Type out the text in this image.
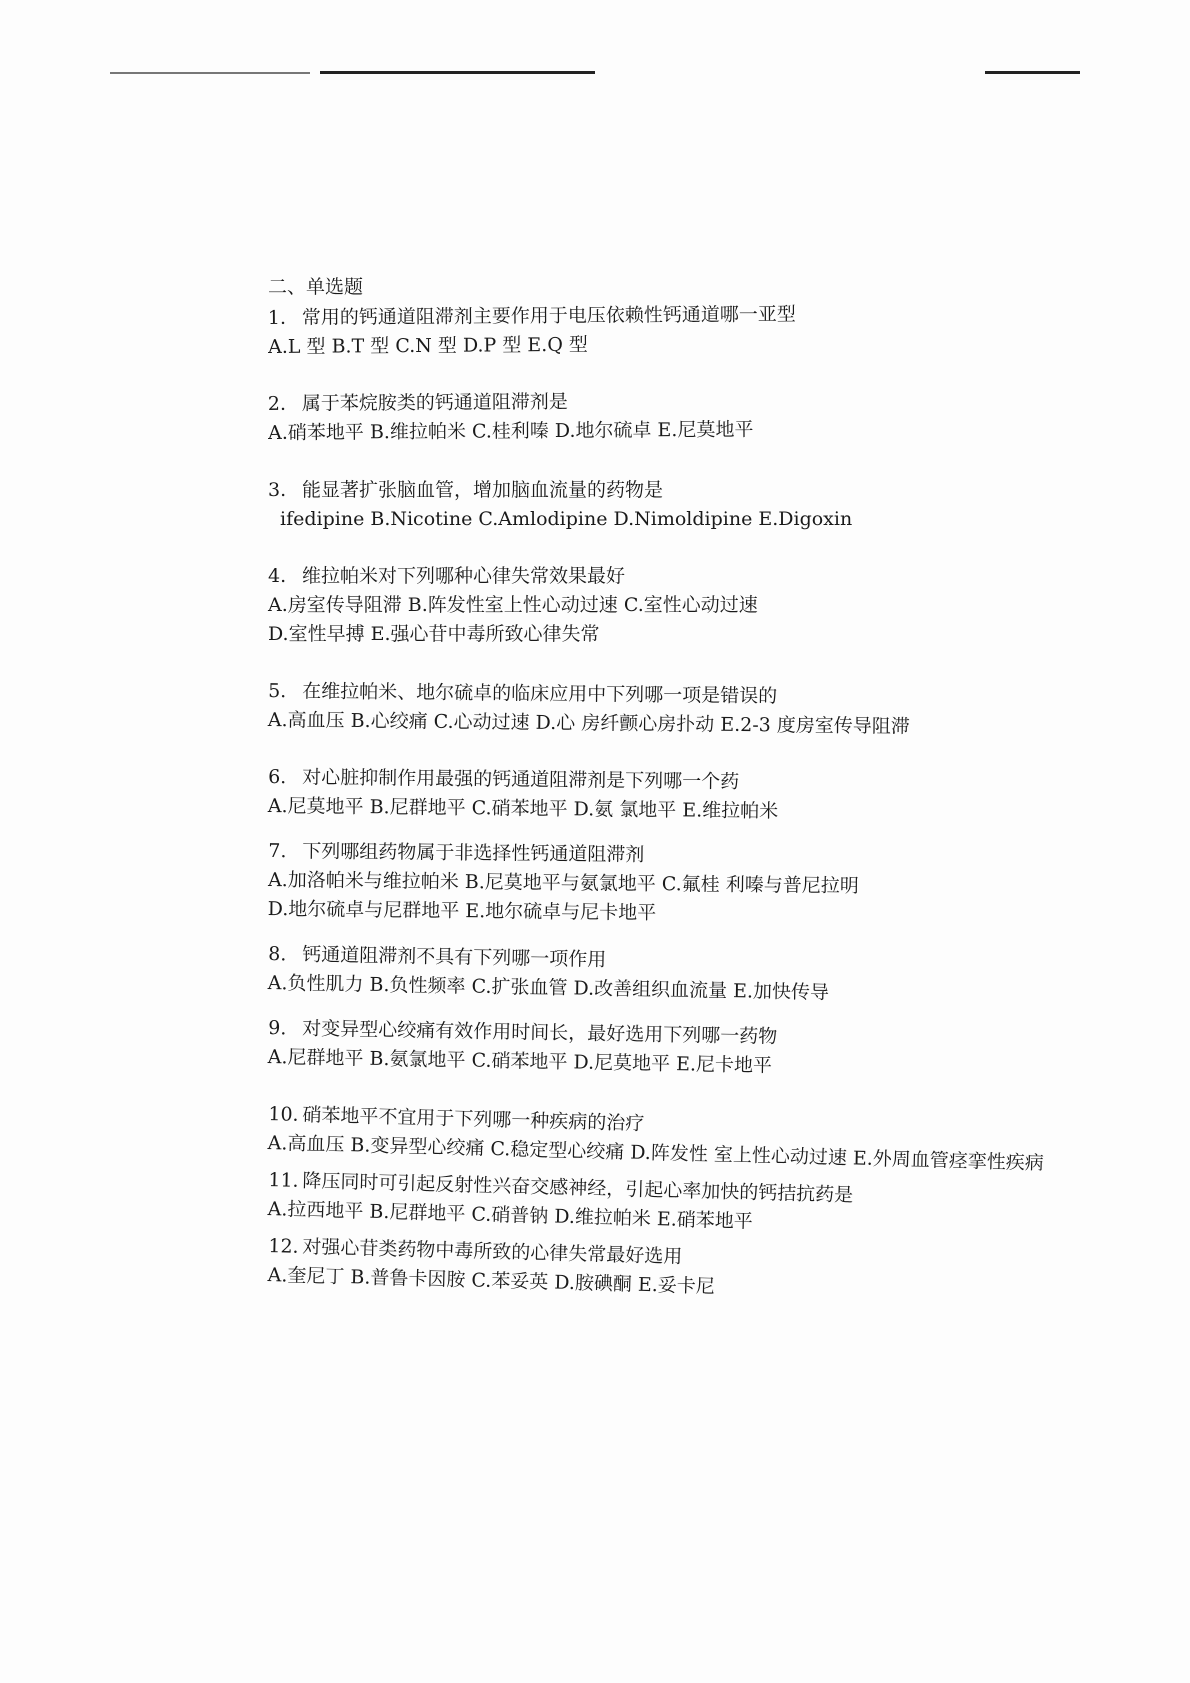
二、单选题
1. 常用的钙通道阻滞剂主要作用于电压依赖性钙通道哪一亚型
A.L 型 B.T 型 C.N 型 D.P 型 E.Q 型
2. 属于苯烷胺类的钙通道阻滞剂是
A.硝苯地平 B.维拉帕米 C.桂利嗪 D.地尔硫卓 E.尼莫地平
3. 能显著扩张脑血管，增加脑血流量的药物是
ifedipine B.Nicotine C.Amlodipine D.Nimoldipine E.Digoxin
4. 维拉帕米对下列哪种心律失常效果最好
A.房室传导阻滞 B.阵发性室上性心动过速 C.室性心动过速
D.室性早搏 E.强心苷中毒所致心律失常
5. 在维拉帕米、地尔硫卓的临床应用中下列哪一项是错误的
A.高血压 B.心绞痛 C.心动过速 D.心 房纤颤心房扑动 E.2-3 度房室传导阻滞
6. 对心脏抑制作用最强的钙通道阻滞剂是下列哪一个药
A.尼莫地平 B.尼群地平 C.硝苯地平 D.氨 氯地平 E.维拉帕米
7. 下列哪组药物属于非选择性钙通道阻滞剂
A.加洛帕米与维拉帕米 B.尼莫地平与氨氯地平 C.氟桂 利嗪与普尼拉明
D.地尔硫卓与尼群地平 E.地尔硫卓与尼卡地平
8. 钙通道阻滞剂不具有下列哪一项作用
A.负性肌力 B.负性频率 C.扩张血管 D.改善组织血流量 E.加快传导
9. 对变异型心绞痛有效作用时间长，最好选用下列哪一药物
A.尼群地平 B.氨氯地平 C.硝苯地平 D.尼莫地平 E.尼卡地平
10. 硝苯地平不宜用于下列哪一种疾病的治疗
A.高血压 B.变异型心绞痛 C.稳定型心绞痛 D.阵发性 室上性心动过速 E.外周血管痉挛性疾病
11. 降压同时可引起反射性兴奋交感神经，引起心率加快的钙拮抗药是
A.拉西地平 B.尼群地平 C.硝普钠 D.维拉帕米 E.硝苯地平
12. 对强心苷类药物中毒所致的心律失常最好选用
A.奎尼丁 B.普鲁卡因胺 C.苯妥英 D.胺碘酮 E.妥卡尼
